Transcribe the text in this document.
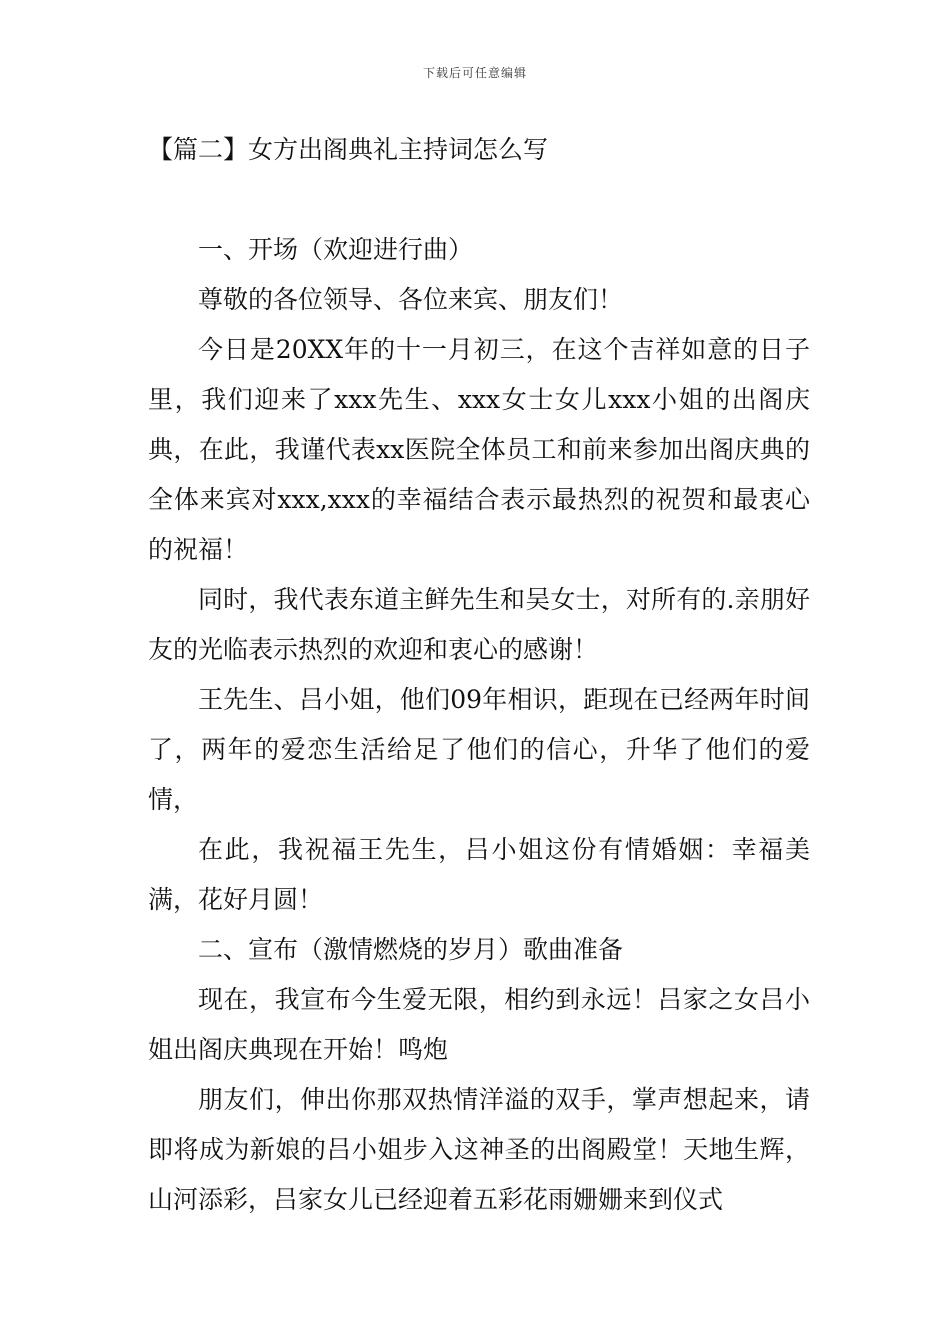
下载后可任意编辑
【篇二】女方出阁典礼主持词怎么写

一、开场（欢迎进行曲）

尊敬的各位领导、各位来宾、朋友们！

今日是20XX年的十一月初三，在这个吉祥如意的日子里，我们迎来了xxx先生、xxx女士女儿xxx小姐的出阁庆典，在此，我谨代表xx医院全体员工和前来参加出阁庆典的全体来宾对xxx,xxx的幸福结合表示最热烈的祝贺和最衷心的祝福！

同时，我代表东道主鲜先生和吴女士，对所有的.亲朋好友的光临表示热烈的欢迎和衷心的感谢！

王先生、吕小姐，他们09年相识，距现在已经两年时间了，两年的爱恋生活给足了他们的信心，升华了他们的爱情，

在此，我祝福王先生，吕小姐这份有情婚姻：幸福美满，花好月圆！

二、宣布（激情燃烧的岁月）歌曲准备

现在，我宣布今生爱无限，相约到永远！吕家之女吕小姐出阁庆典现在开始！鸣炮

朋友们，伸出你那双热情洋溢的双手，掌声想起来，请即将成为新娘的吕小姐步入这神圣的出阁殿堂！天地生辉，山河添彩，吕家女儿已经迎着五彩花雨姗姗来到仪式
